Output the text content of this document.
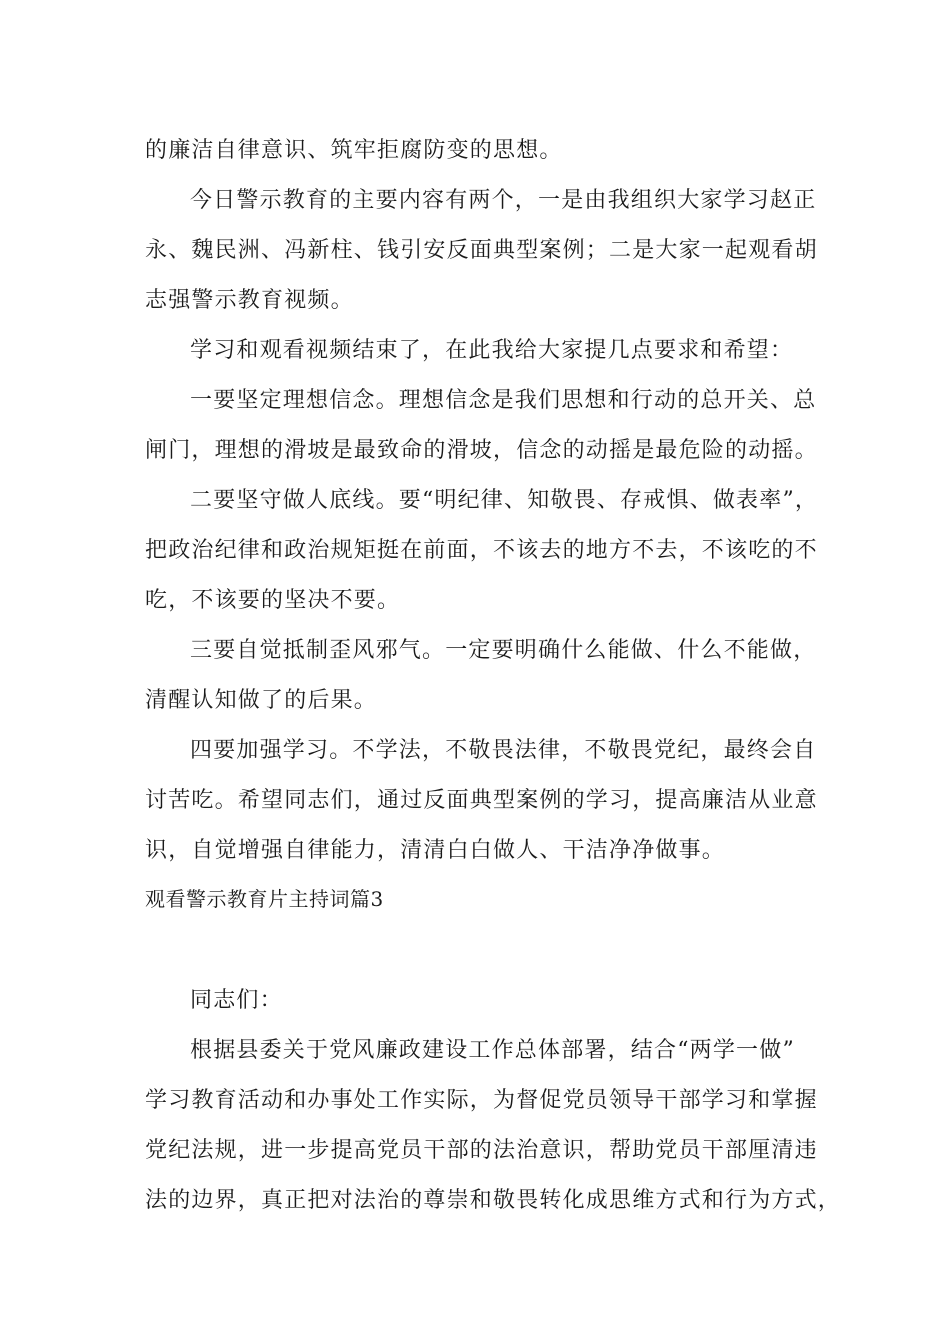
的廉洁自律意识、筑牢拒腐防变的思想。
今日警示教育的主要内容有两个，一是由我组织大家学习赵正
永、魏民洲、冯新柱、钱引安反面典型案例；二是大家一起观看胡
志强警示教育视频。
学习和观看视频结束了，在此我给大家提几点要求和希望：
一要坚定理想信念。理想信念是我们思想和行动的总开关、总
闸门，理想的滑坡是最致命的滑坡，信念的动摇是最危险的动摇。
二要坚守做人底线。要“明纪律、知敬畏、存戒惧、做表率”，
把政治纪律和政治规矩挺在前面，不该去的地方不去，不该吃的不
吃，不该要的坚决不要。
三要自觉抵制歪风邪气。一定要明确什么能做、什么不能做，
清醒认知做了的后果。
四要加强学习。不学法，不敬畏法律，不敬畏党纪，最终会自
讨苦吃。希望同志们，通过反面典型案例的学习，提高廉洁从业意
识，自觉增强自律能力，清清白白做人、干洁净净做事。
观看警示教育片主持词篇3
同志们：
根据县委关于党风廉政建设工作总体部署，结合“两学一做”
学习教育活动和办事处工作实际，为督促党员领导干部学习和掌握
党纪法规，进一步提高党员干部的法治意识，帮助党员干部厘清违
法的边界，真正把对法治的尊崇和敬畏转化成思维方式和行为方式，
